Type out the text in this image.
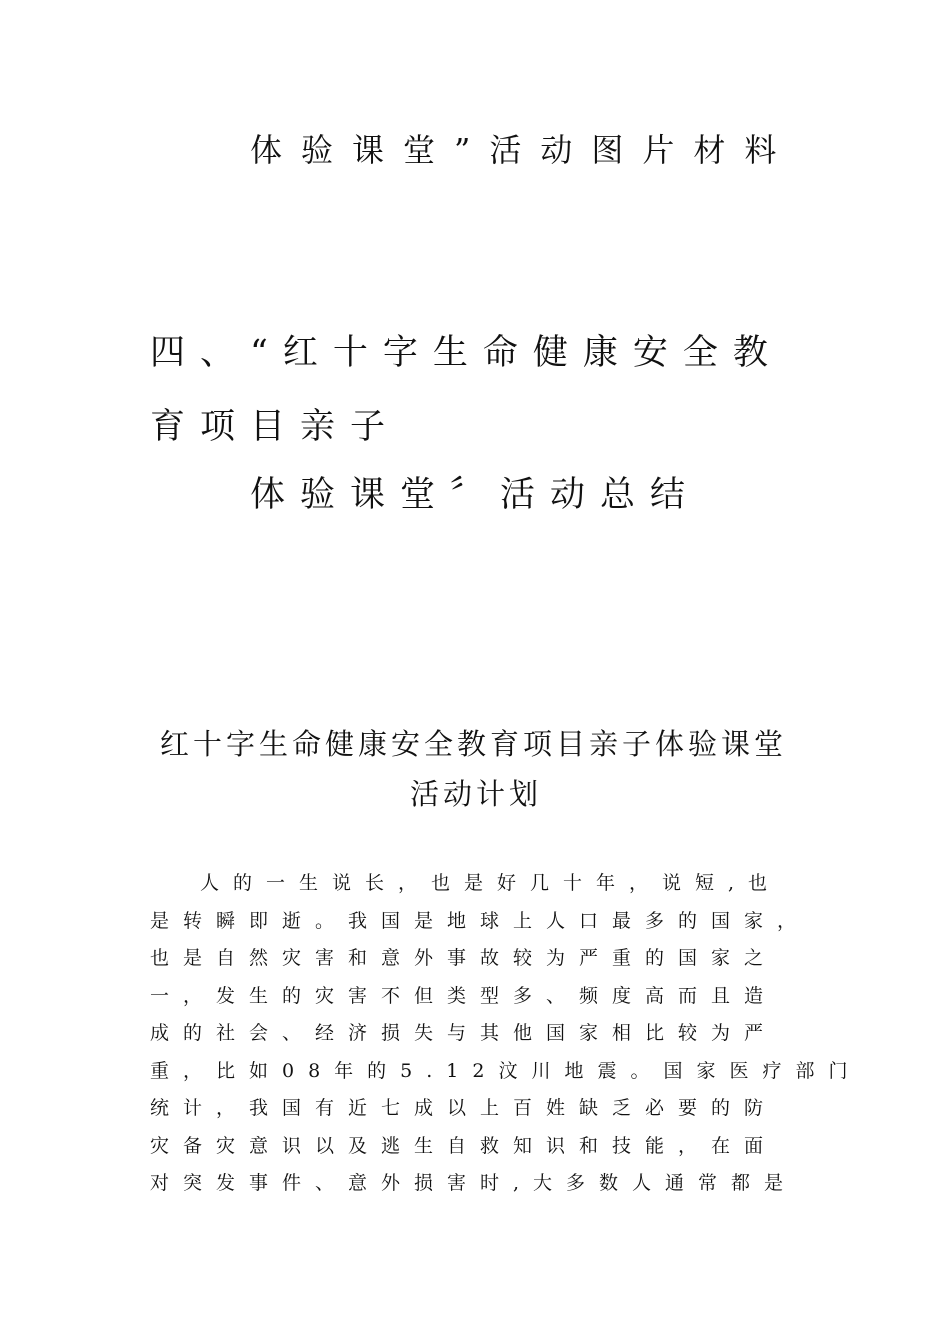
体验课堂”活动图片材料

四、“红十字生命健康安全教

育项目亲子

体验课堂〞活动总结

红十字生命健康安全教育项目亲子体验课堂

活动计划

人的一生说长，也是好几十年，说短,也
是转瞬即逝。我国是地球上人口最多的国家，
也是自然灾害和意外事故较为严重的国家之
一，发生的灾害不但类型多、频度高而且造
成的社会、经济损失与其他国家相比较为严
重，比如08年的5.12汶川地震。国家医疗部门
统计，我国有近七成以上百姓缺乏必要的防
灾备灾意识以及逃生自救知识和技能，在面
对突发事件、意外损害时,大多数人通常都是
